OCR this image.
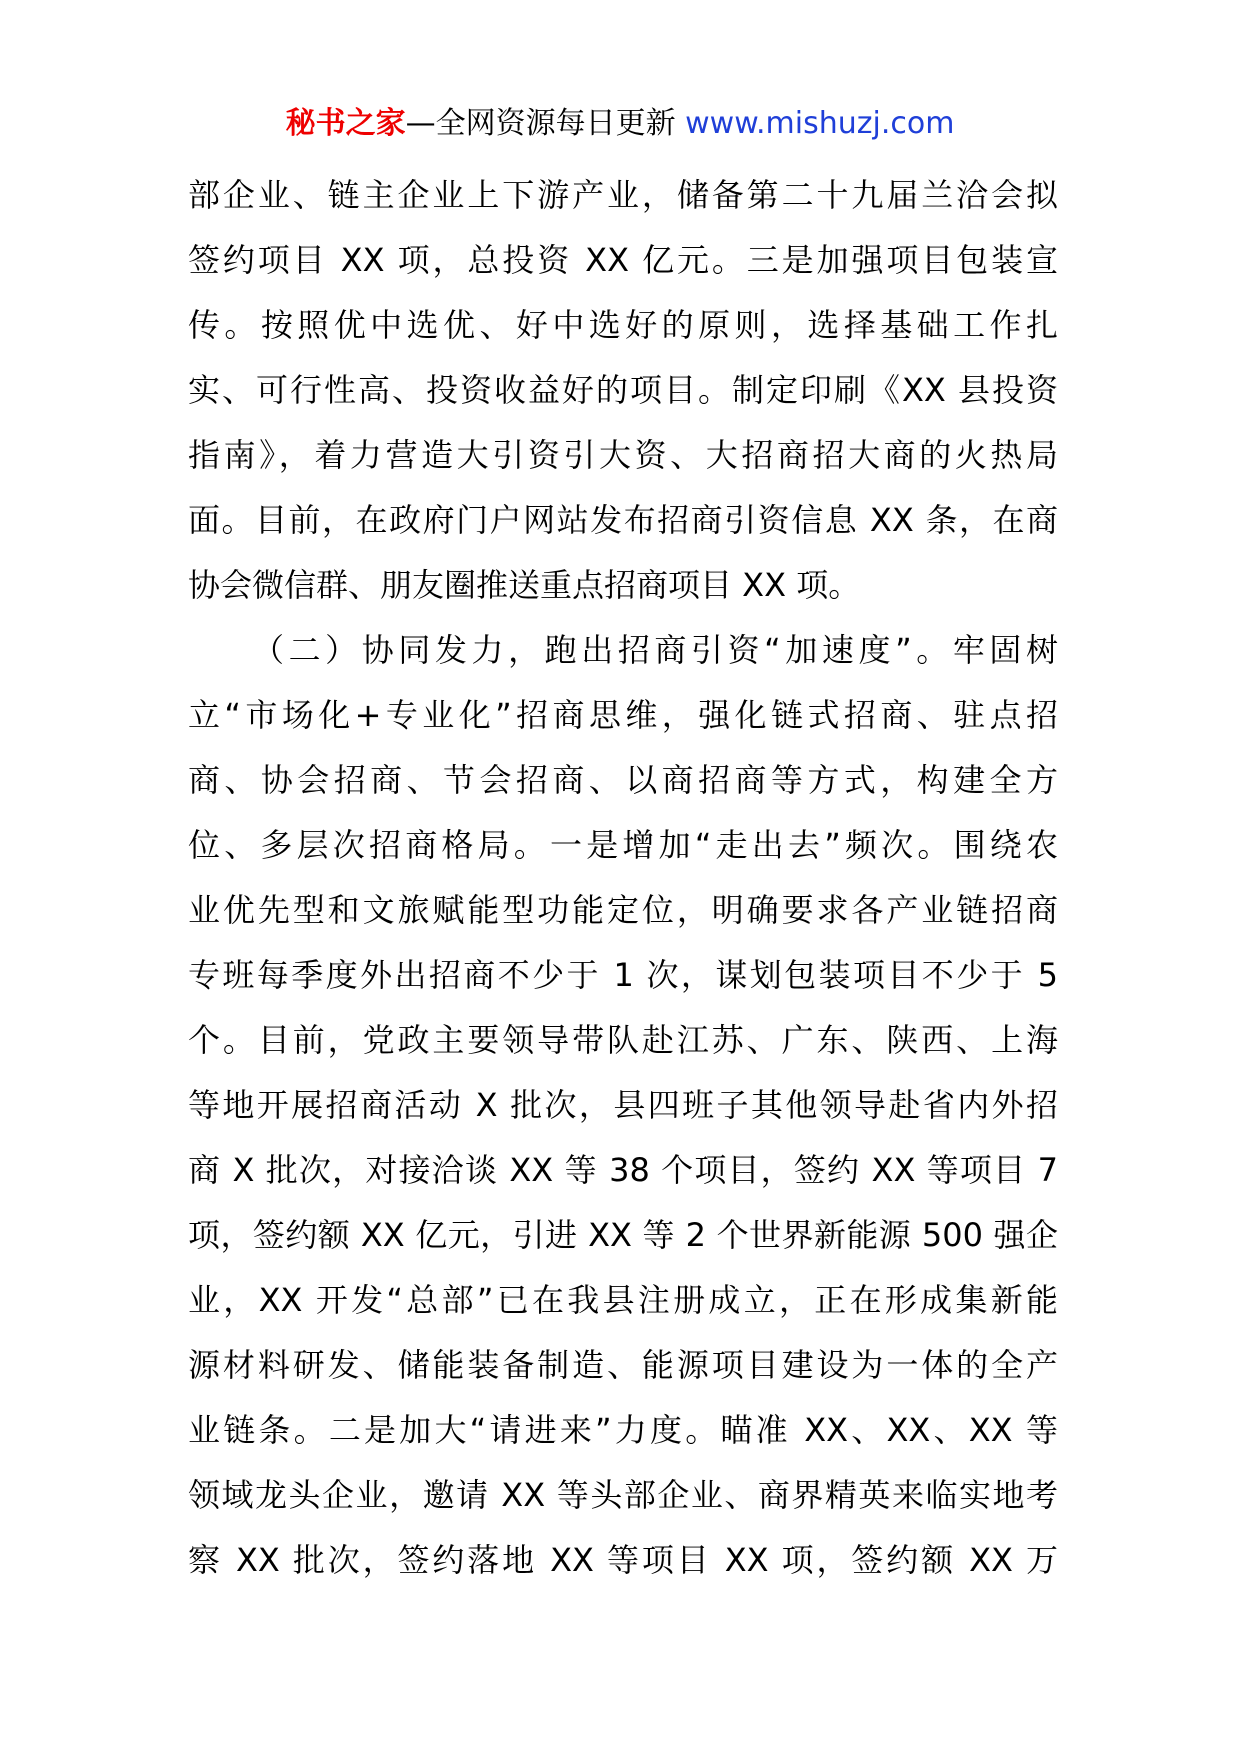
秘书之家—全网资源每日更新 www.mishuzj.com
部企业、链主企业上下游产业，储备第二十九届兰洽会拟
签约项目 XX 项，总投资 XX 亿元。三是加强项目包装宣
传。按照优中选优、好中选好的原则，选择基础工作扎
实、可行性高、投资收益好的项目。制定印刷《XX 县投资
指南》，着力营造大引资引大资、大招商招大商的火热局
面。目前，在政府门户网站发布招商引资信息 XX 条，在商
协会微信群、朋友圈推送重点招商项目 XX 项。
（二）协同发力，跑出招商引资“加速度”。牢固树
立“市场化+专业化”招商思维，强化链式招商、驻点招
商、协会招商、节会招商、以商招商等方式，构建全方
位、多层次招商格局。一是增加“走出去”频次。围绕农
业优先型和文旅赋能型功能定位，明确要求各产业链招商
专班每季度外出招商不少于 1 次，谋划包装项目不少于 5
个。目前，党政主要领导带队赴江苏、广东、陕西、上海
等地开展招商活动 X 批次，县四班子其他领导赴省内外招
商 X 批次，对接洽谈 XX 等 38 个项目，签约 XX 等项目 7
项，签约额 XX 亿元，引进 XX 等 2 个世界新能源 500 强企
业，XX 开发“总部”已在我县注册成立，正在形成集新能
源材料研发、储能装备制造、能源项目建设为一体的全产
业链条。二是加大“请进来”力度。瞄准 XX、XX、XX 等
领域龙头企业，邀请 XX 等头部企业、商界精英来临实地考
察 XX 批次，签约落地 XX 等项目 XX 项，签约额 XX 万
